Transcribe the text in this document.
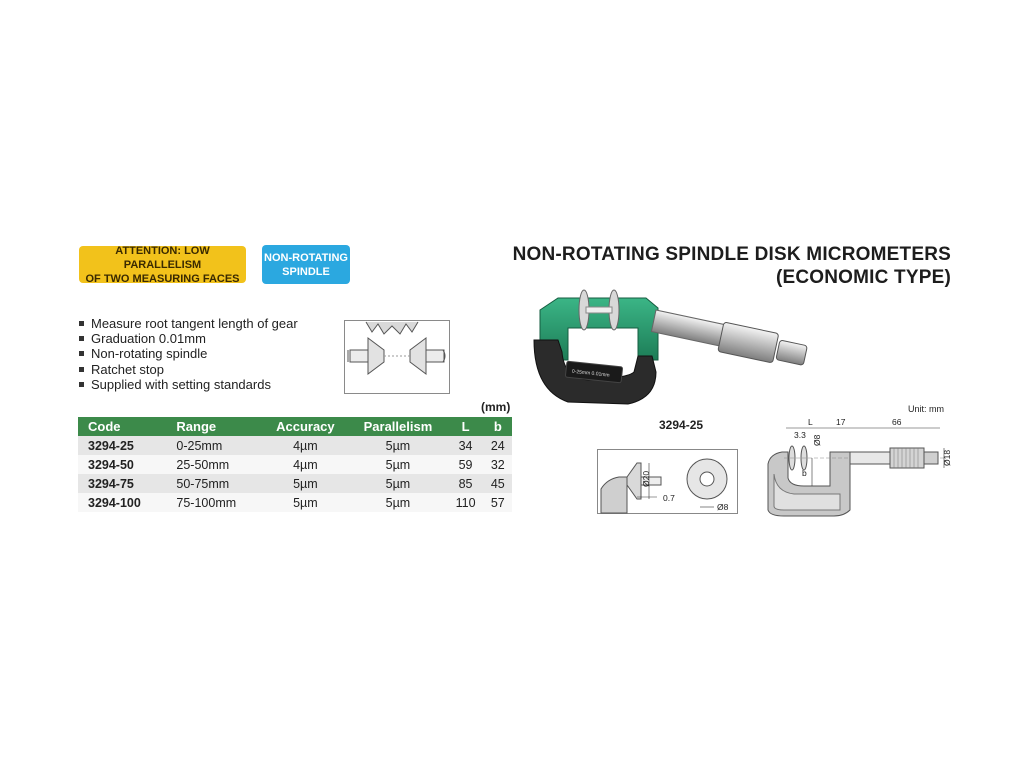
ATTENTION: LOW PARALLELISM
OF TWO MEASURING FACES
NON-ROTATING
SPINDLE
NON-ROTATING SPINDLE DISK MICROMETERS
(ECONOMIC TYPE)
Measure root tangent length of gear
Graduation 0.01mm
Non-rotating spindle
Ratchet stop
Supplied with setting standards
(mm)
Code	Range	Accuracy	Parallelism	L	b
3294-25	0-25mm	4µm	5µm	34	24
3294-50	25-50mm	4µm	5µm	59	32
3294-75	50-75mm	5µm	5µm	85	45
3294-100	75-100mm	5µm	5µm	110	57
0-25mm 0.01mm
3294-25
Ø20
0.7
Ø8
Unit: mm
L	17	66
3.3 Ø8
b
Ø18
